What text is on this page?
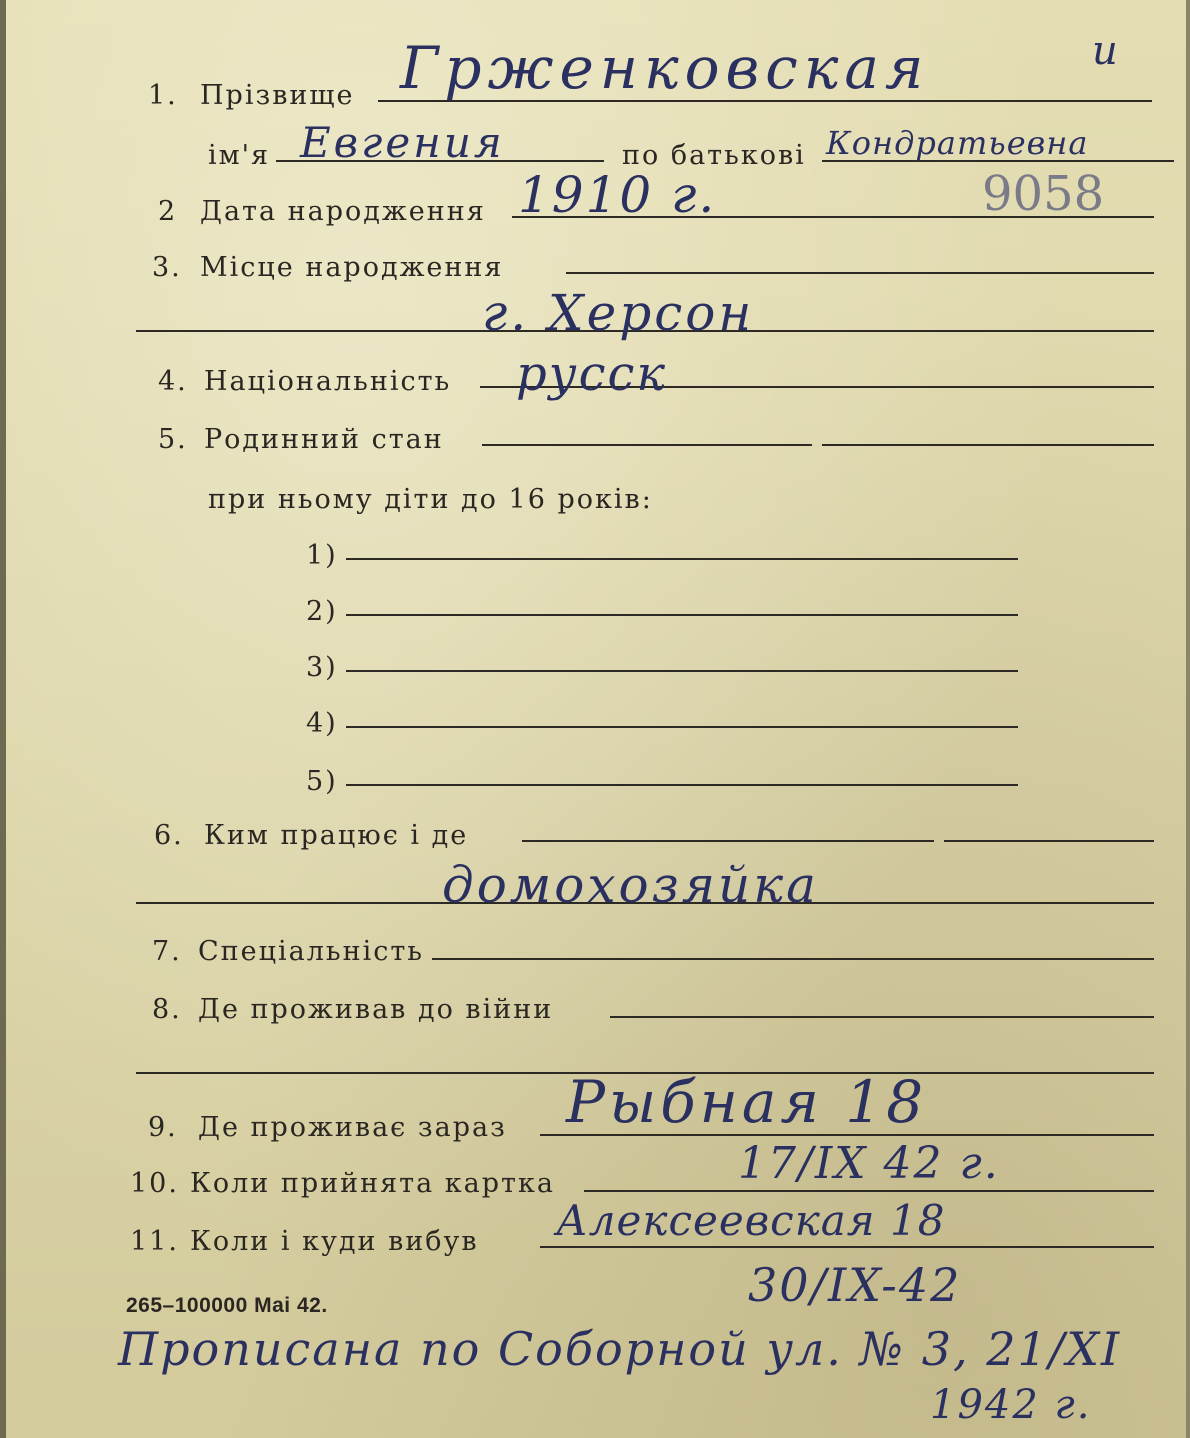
1. Прізвище Грженковская	и
ім'я Евгения	по батькові Кондратьевна
2 Дата народження 1910 г.	9058
3. Місце народження
г. Херсон
4. Національність русск
5. Родинний стан
при ньому діти до 16 років:
1)
2)
3)
4)
5)
6. Ким працює і де
домохозяйка
7. Спеціальність
8. Де проживав до війни
9. Де проживає зараз Рыбная 18
10. Коли прийнята картка	17/IX 42 г.
11. Коли і куди вибув Алексеевская 18
30/IX-42
265–100000 Mai 42.
Прописана по Соборной ул. № 3, 21/XI
1942 г.
